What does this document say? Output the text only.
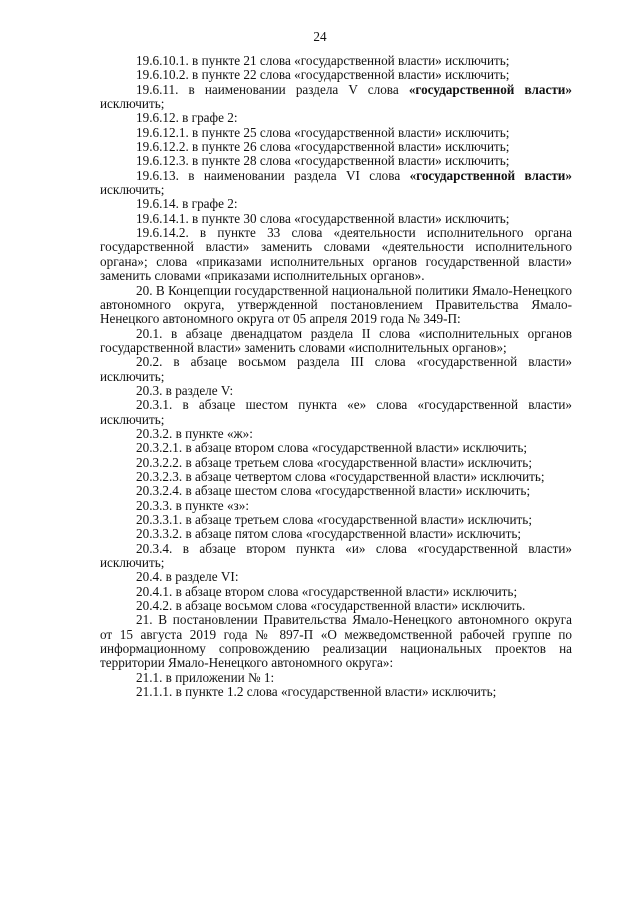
24

19.6.10.1. в пункте 21 слова «государственной власти» исключить;

19.6.10.2. в пункте 22 слова «государственной власти» исключить;

19.6.11. в наименовании раздела V слова «государственной власти» исключить;

19.6.12. в графе 2:

19.6.12.1. в пункте 25 слова «государственной власти» исключить;

19.6.12.2. в пункте 26 слова «государственной власти» исключить;

19.6.12.3. в пункте 28 слова «государственной власти» исключить;

19.6.13. в наименовании раздела VI слова «государственной власти» исключить;

19.6.14. в графе 2:

19.6.14.1. в пункте 30 слова «государственной власти» исключить;

19.6.14.2. в пункте 33 слова «деятельности исполнительного органа государственной власти» заменить словами «деятельности исполнительного органа»; слова «приказами исполнительных органов государственной власти» заменить словами «приказами исполнительных органов».

20. В Концепции государственной национальной политики Ямало-Ненецкого автономного округа, утвержденной постановлением Правительства Ямало-Ненецкого автономного округа от 05 апреля 2019 года № 349-П:

20.1. в абзаце двенадцатом раздела II слова «исполнительных органов государственной власти» заменить словами «исполнительных органов»;

20.2. в абзаце восьмом раздела III слова «государственной власти» исключить;

20.3. в разделе V:

20.3.1. в абзаце шестом пункта «е» слова «государственной власти» исключить;

20.3.2. в пункте «ж»:

20.3.2.1. в абзаце втором слова «государственной власти» исключить;

20.3.2.2. в абзаце третьем слова «государственной власти» исключить;

20.3.2.3. в абзаце четвертом слова «государственной власти» исключить;

20.3.2.4. в абзаце шестом слова «государственной власти» исключить;

20.3.3. в пункте «з»:

20.3.3.1. в абзаце третьем слова «государственной власти» исключить;

20.3.3.2. в абзаце пятом слова «государственной власти» исключить;

20.3.4. в абзаце втором пункта «и» слова «государственной власти» исключить;

20.4. в разделе VI:

20.4.1. в абзаце втором слова «государственной власти» исключить;

20.4.2. в абзаце восьмом слова «государственной власти» исключить.

21. В постановлении Правительства Ямало-Ненецкого автономного округа от 15 августа 2019 года № 897-П «О межведомственной рабочей группе по информационному сопровождению реализации национальных проектов на территории Ямало-Ненецкого автономного округа»:

21.1. в приложении № 1:

21.1.1. в пункте 1.2 слова «государственной власти» исключить;
